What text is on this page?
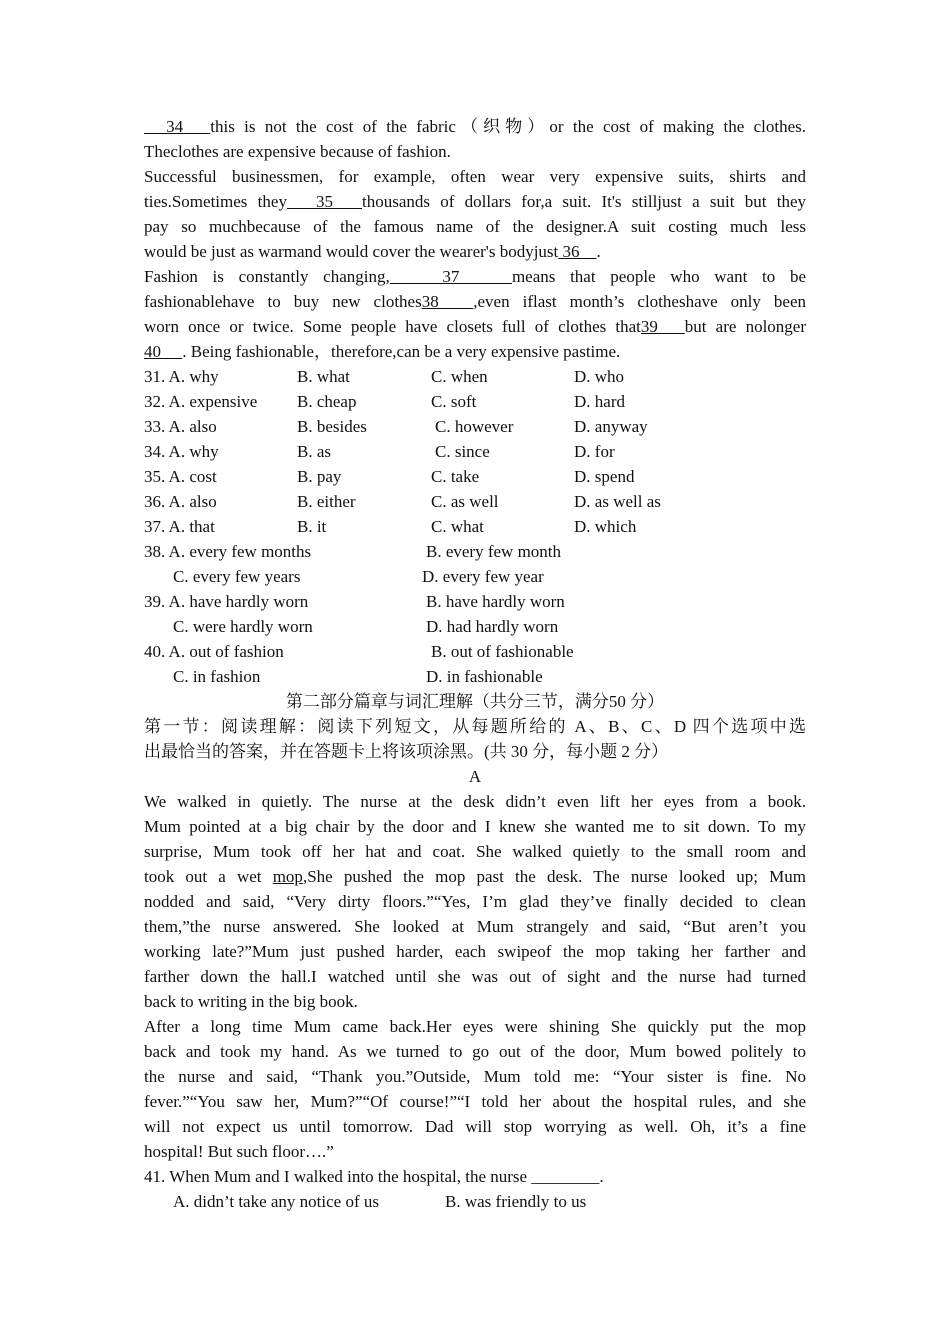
　34　this is not the cost of the fabric（织物）or the cost of making the clothes.
Theclothes are expensive because of fashion.
Successful businessmen, for example, often wear very expensive suits, shirts and
ties.Sometimes they　35　thousands of dollars for,a suit. It's stilljust a suit but they
pay so muchbecause of the famous name of the designer.A suit costing much less
would be just as warmand would cover the wearer's bodyjust 36　.
Fashion is constantly changing,　 37　 means that people who want to be
fashionablehave to buy new clothes38　,even iflast month’s clotheshave only been
worn once or twice. Some people have closets full of clothes that39　but are nolonger
40　 . Being fashionable，therefore,can be a very expensive pastime.
31. A. why	B. what	C. when	D. who
32. A. expensive B. cheap	C. soft	D. hard
33. A. also	B. besides	C. however	D. anyway
34. A. why	B. as	C. since	D. for
35. A. cost	B. pay	C. take	D. spend
36. A. also	B. either	C. as well	D. as well as
37. A. that	B. it	C. what	D. which
38. A. every few months	B. every few month
C. every few years	D. every few year
39. A. have hardly worn	B. have hardly worn
C. were hardly worn	D. had hardly worn
40. A. out of fashion	B. out of fashionable
C. in fashion	D. in fashionable
第二部分篇章与词汇理解（共分三节，满分50 分）
第一节：阅读理解：阅读下列短文，从每题所给的 A、B、C、D 四个选项中选
出最恰当的答案，并在答题卡上将该项涂黑。(共 30 分，每小题 2 分）
A
We walked in quietly. The nurse at the desk didn’t even lift her eyes from a book.
Mum pointed at a big chair by the door and I knew she wanted me to sit down. To my
surprise, Mum took off her hat and coat. She walked quietly to the small room and
took out a wet mop,She pushed the mop past the desk. The nurse looked up; Mum
nodded and said, “Very dirty floors.”“Yes, I’m glad they’ve finally decided to clean
them,”the nurse answered. She looked at Mum strangely and said, “But aren’t you
working late?”Mum just pushed harder, each swipeof the mop taking her farther and
farther down the hall.I watched until she was out of sight and the nurse had turned
back to writing in the big book.
After a long time Mum came back.Her eyes were shining She quickly put the mop
back and took my hand. As we turned to go out of the door, Mum bowed politely to
the nurse and said, “Thank you.”Outside, Mum told me: “Your sister is fine. No
fever.”“You saw her, Mum?”“Of course!”“I told her about the hospital rules, and she
will not expect us until tomorrow. Dad will stop worrying as well. Oh, it’s a fine
hospital! But such floor….”
41. When Mum and I walked into the hospital, the nurse ________.
A. didn’t take any notice of us	B. was friendly to us
